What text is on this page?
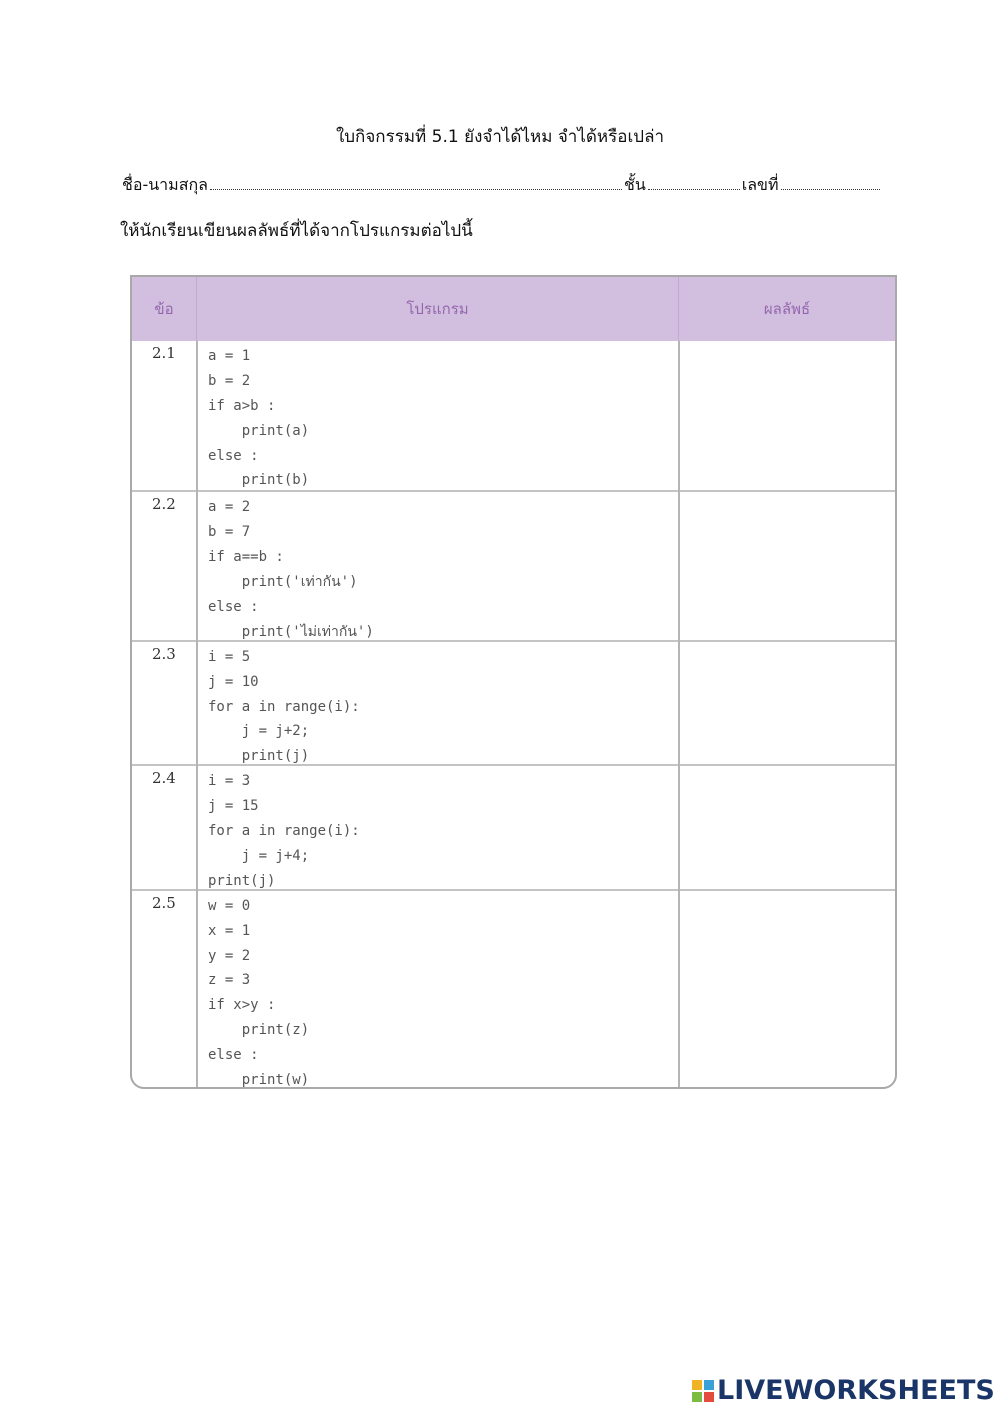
ใบกิจกรรมที่ 5.1 ยังจำได้ไหม จำได้หรือเปล่า
ชื่อ-นามสกุล	ชั้น	เลขที่
ให้นักเรียนเขียนผลลัพธ์ที่ได้จากโปรแกรมต่อไปนี้
ข้อ	โปรแกรม	ผลลัพธ์
2.1 a = 1
b = 2
if a>b :
print(a)
else :
print(b)
2.2 a = 2
b = 7
if a==b :
print('เท่ากัน')
else :
print('ไม่เท่ากัน')
2.3 i = 5
j = 10
for a in range(i):
j = j+2;
print(j)
2.4 i = 3
j = 15
for a in range(i):
j = j+4;
print(j)
2.5 w = 0
x = 1
y = 2
z = 3
if x>y :
print(z)
else :
print(w)
LIVEWORKSHEETS
